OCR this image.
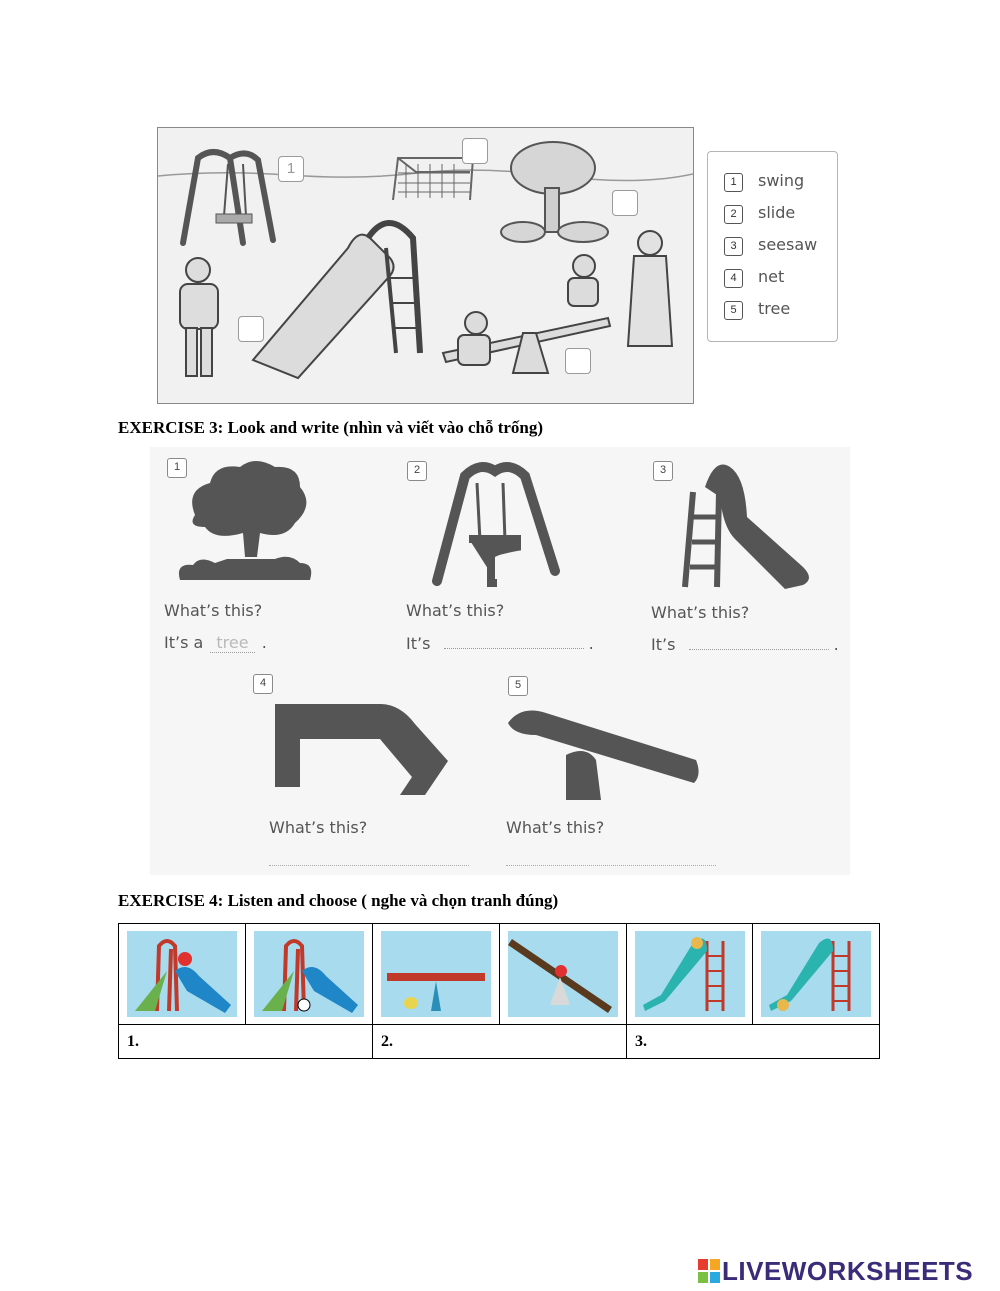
1
1	swing
2	slide
3	seesaw
4	net
5	tree
EXERCISE 3: Look and write (nhìn và viết vào chỗ trống)
1
What’s this?
It’s a tree .
2
What’s this?
It’s	.
3
What’s this?
It’s	.
4
What’s this?
5
What’s this?
EXERCISE 4: Listen and choose ( nghe và chọn tranh đúng)

1.		2.		3.	
LIVEWORKSHEETS
